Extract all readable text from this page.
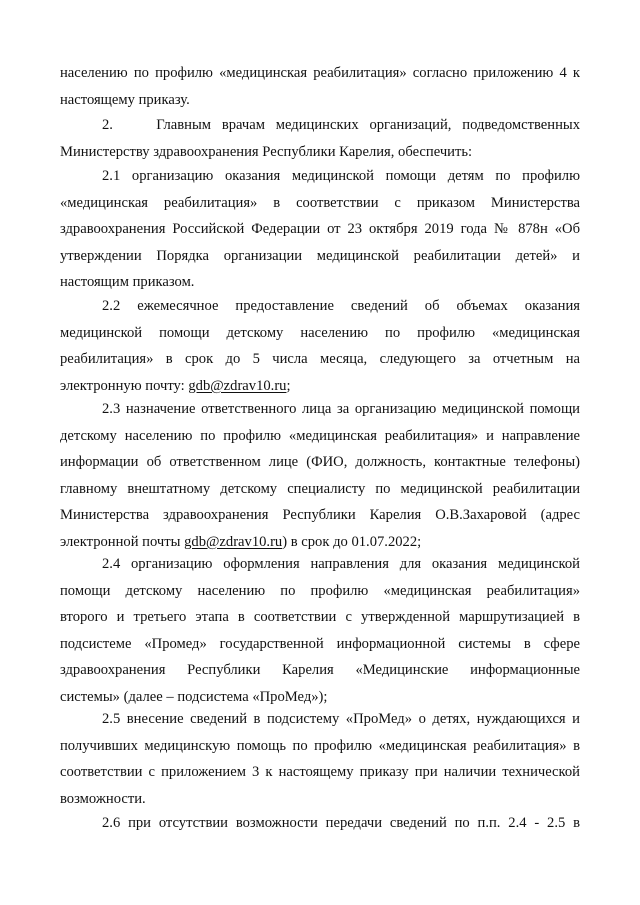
населению по профилю «медицинская реабилитация» согласно приложению 4 к
настоящему приказу.
2.    Главным врачам медицинских организаций, подведомственных
Министерству здравоохранения Республики Карелия, обеспечить:
2.1 организацию оказания медицинской помощи детям по профилю
«медицинская реабилитация» в соответствии с приказом Министерства
здравоохранения Российской Федерации от 23 октября 2019 года № 878н «Об
утверждении Порядка организации медицинской реабилитации детей» и
настоящим приказом.
2.2 ежемесячное предоставление сведений об объемах оказания
медицинской помощи детскому населению по профилю «медицинская
реабилитация» в срок до 5 числа месяца, следующего за отчетным на
электронную почту: gdb@zdrav10.ru;
2.3 назначение ответственного лица за организацию медицинской помощи
детскому населению по профилю «медицинская реабилитация» и направление
информации об ответственном лице (ФИО, должность, контактные телефоны)
главному внештатному детскому специалисту по медицинской реабилитации
Министерства здравоохранения Республики Карелия О.В.Захаровой (адрес
электронной почты gdb@zdrav10.ru) в срок до 01.07.2022;
2.4 организацию оформления направления для оказания медицинской
помощи детскому населению по профилю «медицинская реабилитация»
второго и третьего этапа в соответствии с утвержденной маршрутизацией в
подсистеме «Промед» государственной информационной системы в сфере
здравоохранения Республики Карелия «Медицинские информационные
системы» (далее – подсистема «ПроМед»);
2.5 внесение сведений в подсистему «ПроМед» о детях, нуждающихся и
получивших медицинскую помощь по профилю «медицинская реабилитация» в
соответствии с приложением 3 к настоящему приказу при наличии технической
возможности.
2.6 при отсутствии возможности передачи сведений по п.п. 2.4 - 2.5 в
